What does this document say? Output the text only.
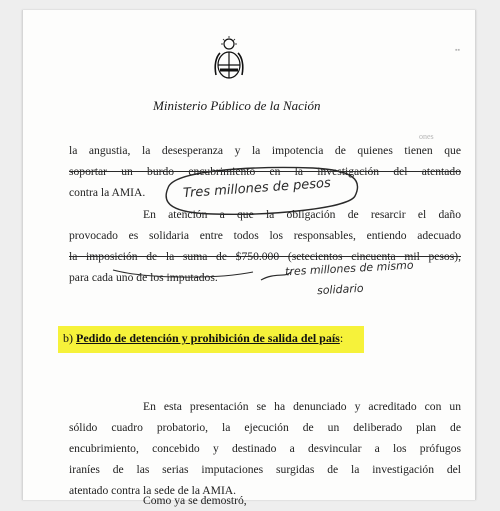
Ministerio Público de la Nación
ones
▪▪
la angustia, la desesperanza y la impotencia de quienes tienen que
soportar un burdo encubrimiento en la investigación del atentado
contra la AMIA.
En atención a que la obligación de resarcir el daño
provocado es solidaria entre todos los responsables, entiendo adecuado
la imposición de la suma de $750.000 (setecientos cincuenta mil pesos),
para cada uno de los imputados.
Tres millones de pesos
tres millones de mismo
solidario
b) Pedido de detención y prohibición de salida del país:
En esta presentación se ha denunciado y acreditado con un
sólido cuadro probatorio, la ejecución de un deliberado plan de
encubrimiento, concebido y destinado a desvincular a los prófugos
iraníes de las serias imputaciones surgidas de la investigación del
atentado contra la sede de la AMIA.
Como ya se demostró,
